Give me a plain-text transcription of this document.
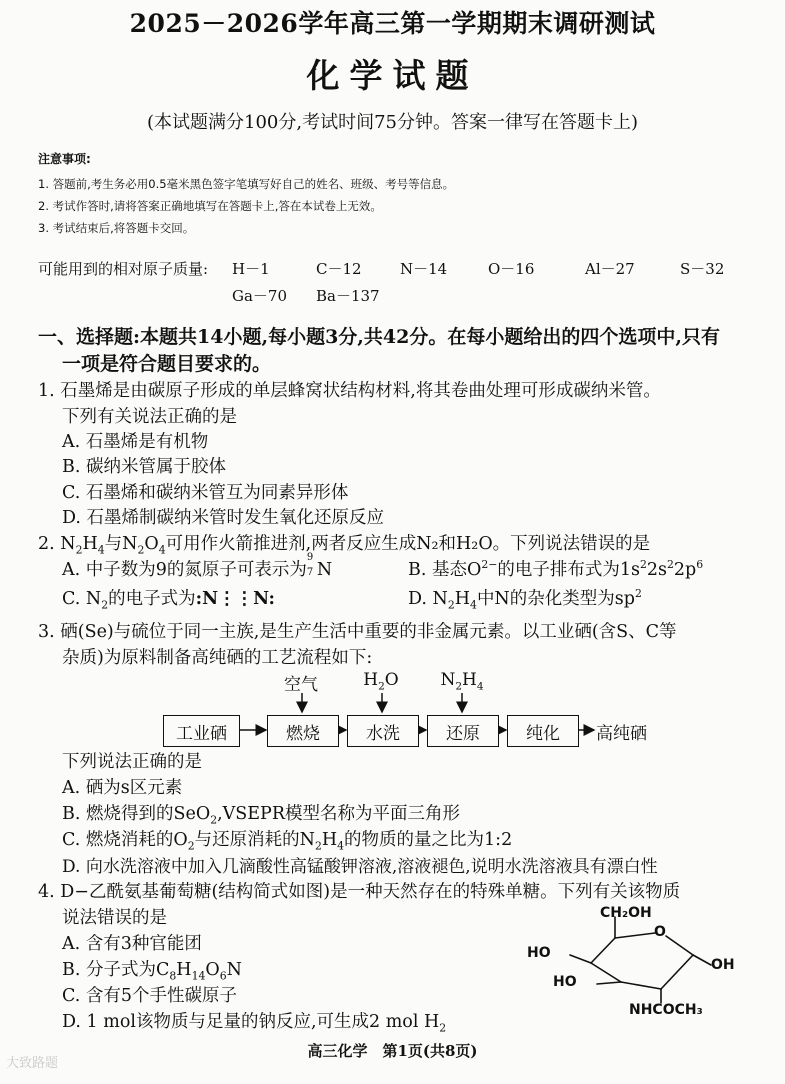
2025－2026学年高三第一学期期末调研测试
化学试题
(本试题满分100分,考试时间75分钟。答案一律写在答题卡上)
注意事项:
1. 答题前,考生务必用0.5毫米黑色签字笔填写好自己的姓名、班级、考号等信息。
2. 考试作答时,请将答案正确地填写在答题卡上,答在本试卷上无效。
3. 考试结束后,将答题卡交回。
可能用到的相对原子质量: H－1	C－12	N－14	O－16	Al－27	S－32
Ga－70 Ba－137
一、选择题:本题共14小题,每小题3分,共42分。在每小题给出的四个选项中,只有
一项是符合题目要求的。
1. 石墨烯是由碳原子形成的单层蜂窝状结构材料,将其卷曲处理可形成碳纳米管。
下列有关说法正确的是
A. 石墨烯是有机物
B. 碳纳米管属于胶体
C. 石墨烯和碳纳米管互为同素异形体
D. 石墨烯制碳纳米管时发生氧化还原反应
2. $N_2H_4$与$N_2O_4$可用作火箭推进剂,两者反应生成N₂和H₂O。下列说法错误的是
A. 中子数为9的氮原子可表示为
9
7 N	B. 基态$O^{2-}$的电子排布式为$1s^22s^22p^6$
C. $N_2$的电子式为:N⋮⋮N:	D. $N_2H_4$中N的杂化类型为$sp^2$
3. 硒(Se)与硫位于同一主族,是生产生活中重要的非金属元素。以工业硒(含S、C等
杂质)为原料制备高纯硒的工艺流程如下:
空气	$H_2O$	$N_2H_4$
工业硒	燃烧	水洗	还原	纯化	高纯硒
下列说法正确的是
A. 硒为s区元素
B. 燃烧得到的SeO$_2$,VSEPR模型名称为平面三角形
C. 燃烧消耗的$O_2$与还原消耗的$N_2H_4$的物质的量之比为1:2
D. 向水洗溶液中加入几滴酸性高锰酸钾溶液,溶液褪色,说明水洗溶液具有漂白性
4. D−乙酰氨基葡萄糖(结构简式如图)是一种天然存在的特殊单糖。下列有关该物质
说法错误的是
A. 含有3种官能团
B. 分子式为$C_8H_{14}O_6N$
C. 含有5个手性碳原子
D. 1 mol该物质与足量的钠反应,可生成2 mol $H_2$
CH₂OH
O
HO
HO
OH
NHCOCH₃
高三化学　第1页(共8页)
大致路题
